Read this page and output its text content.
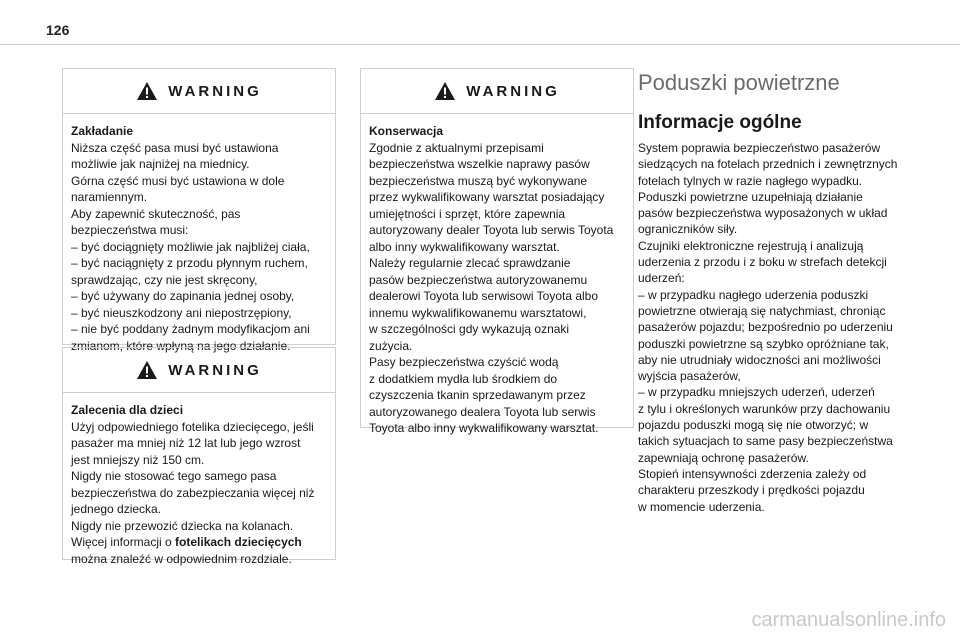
126
WARNING
Zakładanie
Niższa część pasa musi być ustawiona
możliwie jak najniżej na miednicy.
Górna część musi być ustawiona w dole
naramiennym.
Aby zapewnić skuteczność, pas
bezpieczeństwa musi:
– być dociągnięty możliwie jak najbliżej ciała,
– być naciągnięty z przodu płynnym ruchem,
sprawdzając, czy nie jest skręcony,
– być używany do zapinania jednej osoby,
– być nieuszkodzony ani niepostrzępiony,
– nie być poddany żadnym modyfikacjom ani
zmianom, które wpłyną na jego działanie.
WARNING
Zalecenia dla dzieci
Użyj odpowiedniego fotelika dziecięcego, jeśli
pasażer ma mniej niż 12 lat lub jego wzrost
jest mniejszy niż 150 cm.
Nigdy nie stosować tego samego pasa
bezpieczeństwa do zabezpieczania więcej niż
jednego dziecka.
Nigdy nie przewozić dziecka na kolanach.
Więcej informacji o fotelikach dziecięcych
można znaleźć w odpowiednim rozdziale.
WARNING
Konserwacja
Zgodnie z aktualnymi przepisami
bezpieczeństwa wszelkie naprawy pasów
bezpieczeństwa muszą być wykonywane
przez wykwalifikowany warsztat posiadający
umiejętności i sprzęt, które zapewnia
autoryzowany dealer Toyota lub serwis Toyota
albo inny wykwalifikowany warsztat.
Należy regularnie zlecać sprawdzanie
pasów bezpieczeństwa autoryzowanemu
dealerowi Toyota lub serwisowi Toyota albo
innemu wykwalifikowanemu warsztatowi,
w szczególności gdy wykazują oznaki
zużycia.
Pasy bezpieczeństwa czyścić wodą
z dodatkiem mydła lub środkiem do
czyszczenia tkanin sprzedawanym przez
autoryzowanego dealera Toyota lub serwis
Toyota albo inny wykwalifikowany warsztat.
Poduszki powietrzne
Informacje ogólne
System poprawia bezpieczeństwo pasażerów
siedzących na fotelach przednich i zewnętrznych
fotelach tylnych w razie nagłego wypadku.
Poduszki powietrzne uzupełniają działanie
pasów bezpieczeństwa wyposażonych w układ
ograniczników siły.
Czujniki elektroniczne rejestrują i analizują
uderzenia z przodu i z boku w strefach detekcji
uderzeń:
– w przypadku nagłego uderzenia poduszki
powietrzne otwierają się natychmiast, chroniąc
pasażerów pojazdu; bezpośrednio po uderzeniu
poduszki powietrzne są szybko opróżniane tak,
aby nie utrudniały widoczności ani możliwości
wyjścia pasażerów,
– w przypadku mniejszych uderzeń, uderzeń
z tylu i określonych warunków przy dachowaniu
pojazdu poduszki mogą się nie otworzyć; w
takich sytuacjach to same pasy bezpieczeństwa
zapewniają ochronę pasażerów.
Stopień intensywności zderzenia zależy od
charakteru przeszkody i prędkości pojazdu
w momencie uderzenia.
carmanualsonline.info
